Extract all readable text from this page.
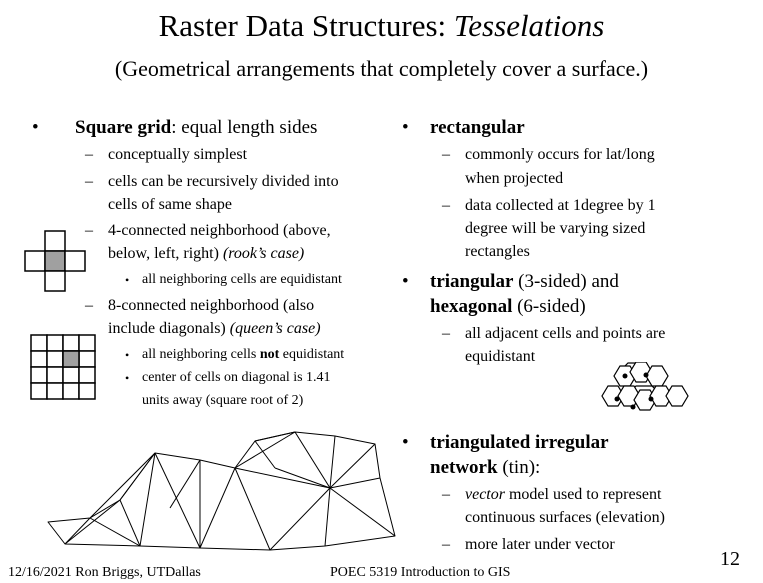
Raster Data Structures: Tesselations
(Geometrical arrangements that completely cover a surface.)
• Square grid: equal length sides
– conceptually simplest
– cells can be recursively divided into
cells of same shape
– 4-connected neighborhood (above,
below, left, right) (rook’s case)
• all neighboring cells are equidistant
– 8-connected neighborhood (also
include diagonals) (queen’s case)
• all neighboring cells not equidistant
• center of cells on diagonal is 1.41
units away (square root of 2)
• rectangular
– commonly occurs for lat/long
when projected
– data collected at 1degree by 1
degree will be varying sized
rectangles
• triangular (3-sided) and
hexagonal (6-sided)
– all adjacent cells and points are
equidistant
• triangulated irregular
network (tin):
– vector model used to represent
continuous surfaces (elevation)
– more later under vector
12/16/2021 Ron Briggs, UTDallas	POEC 5319 Introduction to GIS
12
